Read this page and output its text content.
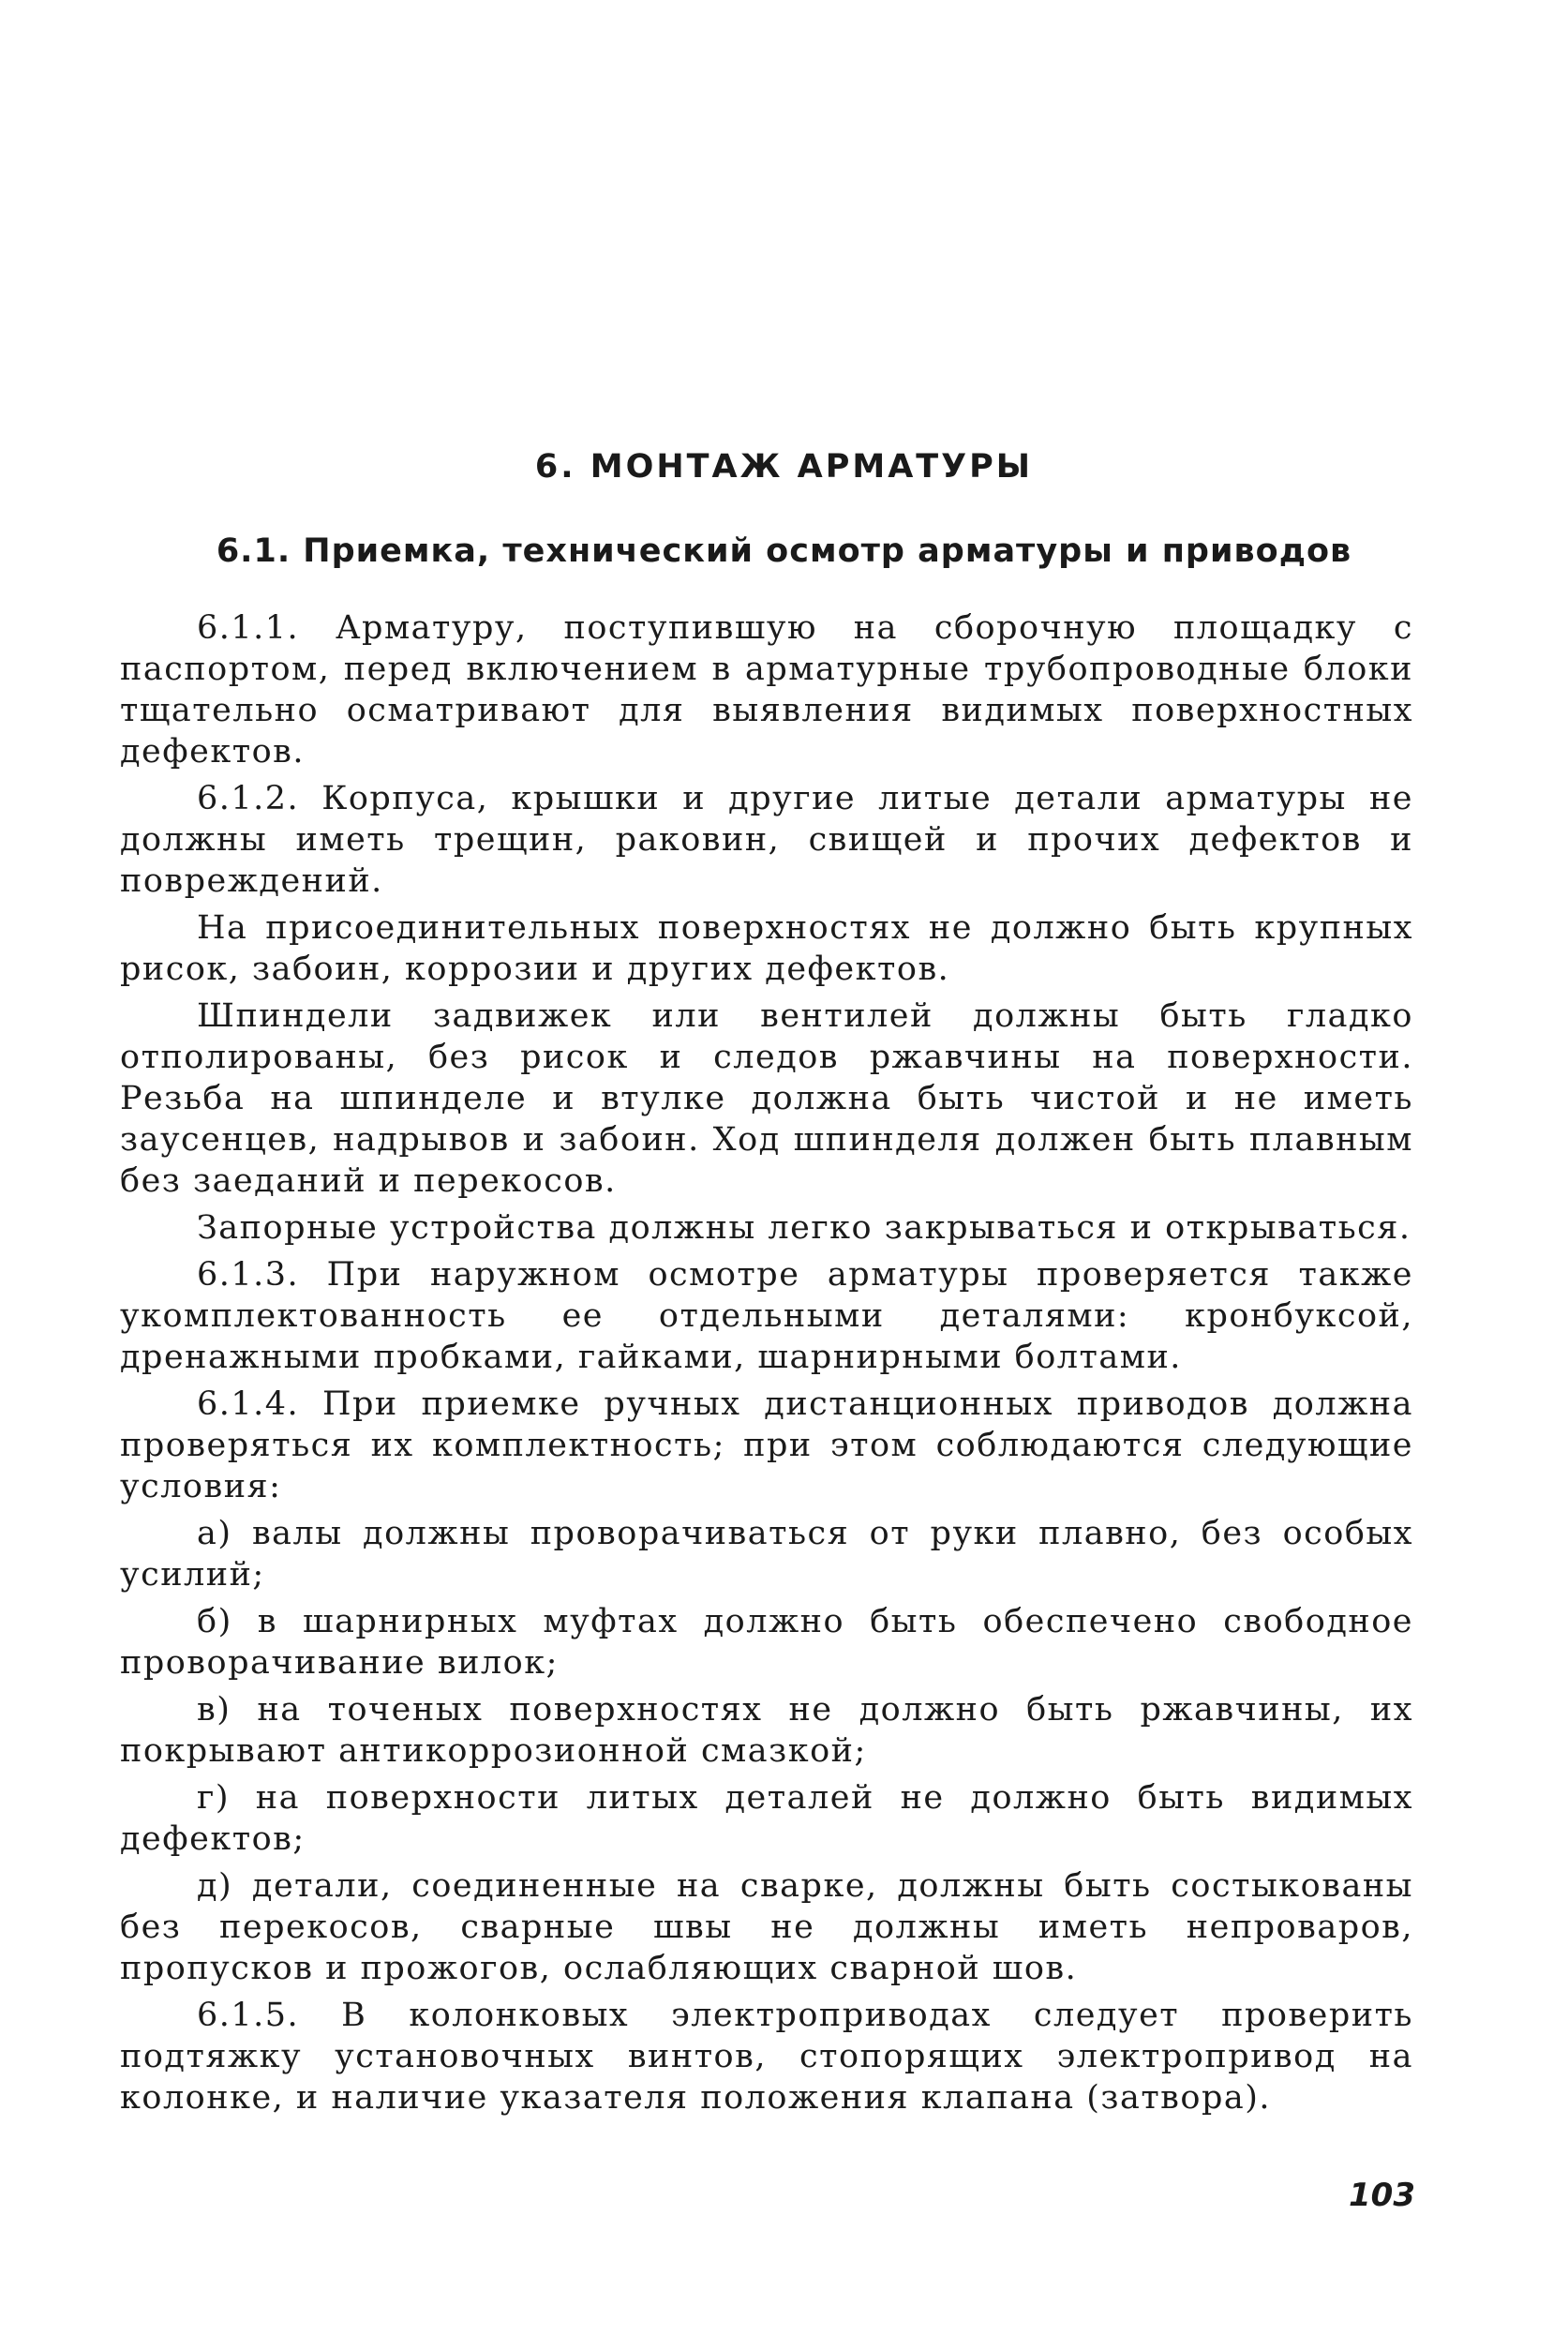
6. МОНТАЖ АРМАТУРЫ
6.1. Приемка, технический осмотр арматуры и приводов

6.1.1. Арматуру, поступившую на сборочную площадку с паспортом, перед включением в арматурные трубопроводные блоки тщательно осматривают для выявления видимых поверхностных дефектов.

6.1.2. Корпуса, крышки и другие литые детали арматуры не должны иметь трещин, раковин, свищей и прочих дефектов и повреждений.

На присоединительных поверхностях не должно быть крупных рисок, забоин, коррозии и других дефектов.

Шпиндели задвижек или вентилей должны быть гладко отполированы, без рисок и следов ржавчины на поверхности. Резьба на шпинделе и втулке должна быть чистой и не иметь заусенцев, надрывов и забоин. Ход шпинделя должен быть плавным без заеданий и перекосов.

Запорные устройства должны легко закрываться и открываться.

6.1.3. При наружном осмотре арматуры проверяется также укомплектованность ее отдельными деталями: кронбуксой, дренажными пробками, гайками, шарнирными болтами.

6.1.4. При приемке ручных дистанционных приводов должна проверяться их комплектность; при этом соблюдаются следующие условия:

а) валы должны проворачиваться от руки плавно, без особых усилий;

б) в шарнирных муфтах должно быть обеспечено свободное проворачивание вилок;

в) на точеных поверхностях не должно быть ржавчины, их покрывают антикоррозионной смазкой;

г) на поверхности литых деталей не должно быть видимых дефектов;

д) детали, соединенные на сварке, должны быть состыкованы без перекосов, сварные швы не должны иметь непроваров, пропусков и прожогов, ослабляющих сварной шов.

6.1.5. В колонковых электроприводах следует проверить подтяжку установочных винтов, стопорящих электропривод на колонке, и наличие указателя положения клапана (затвора).

103
